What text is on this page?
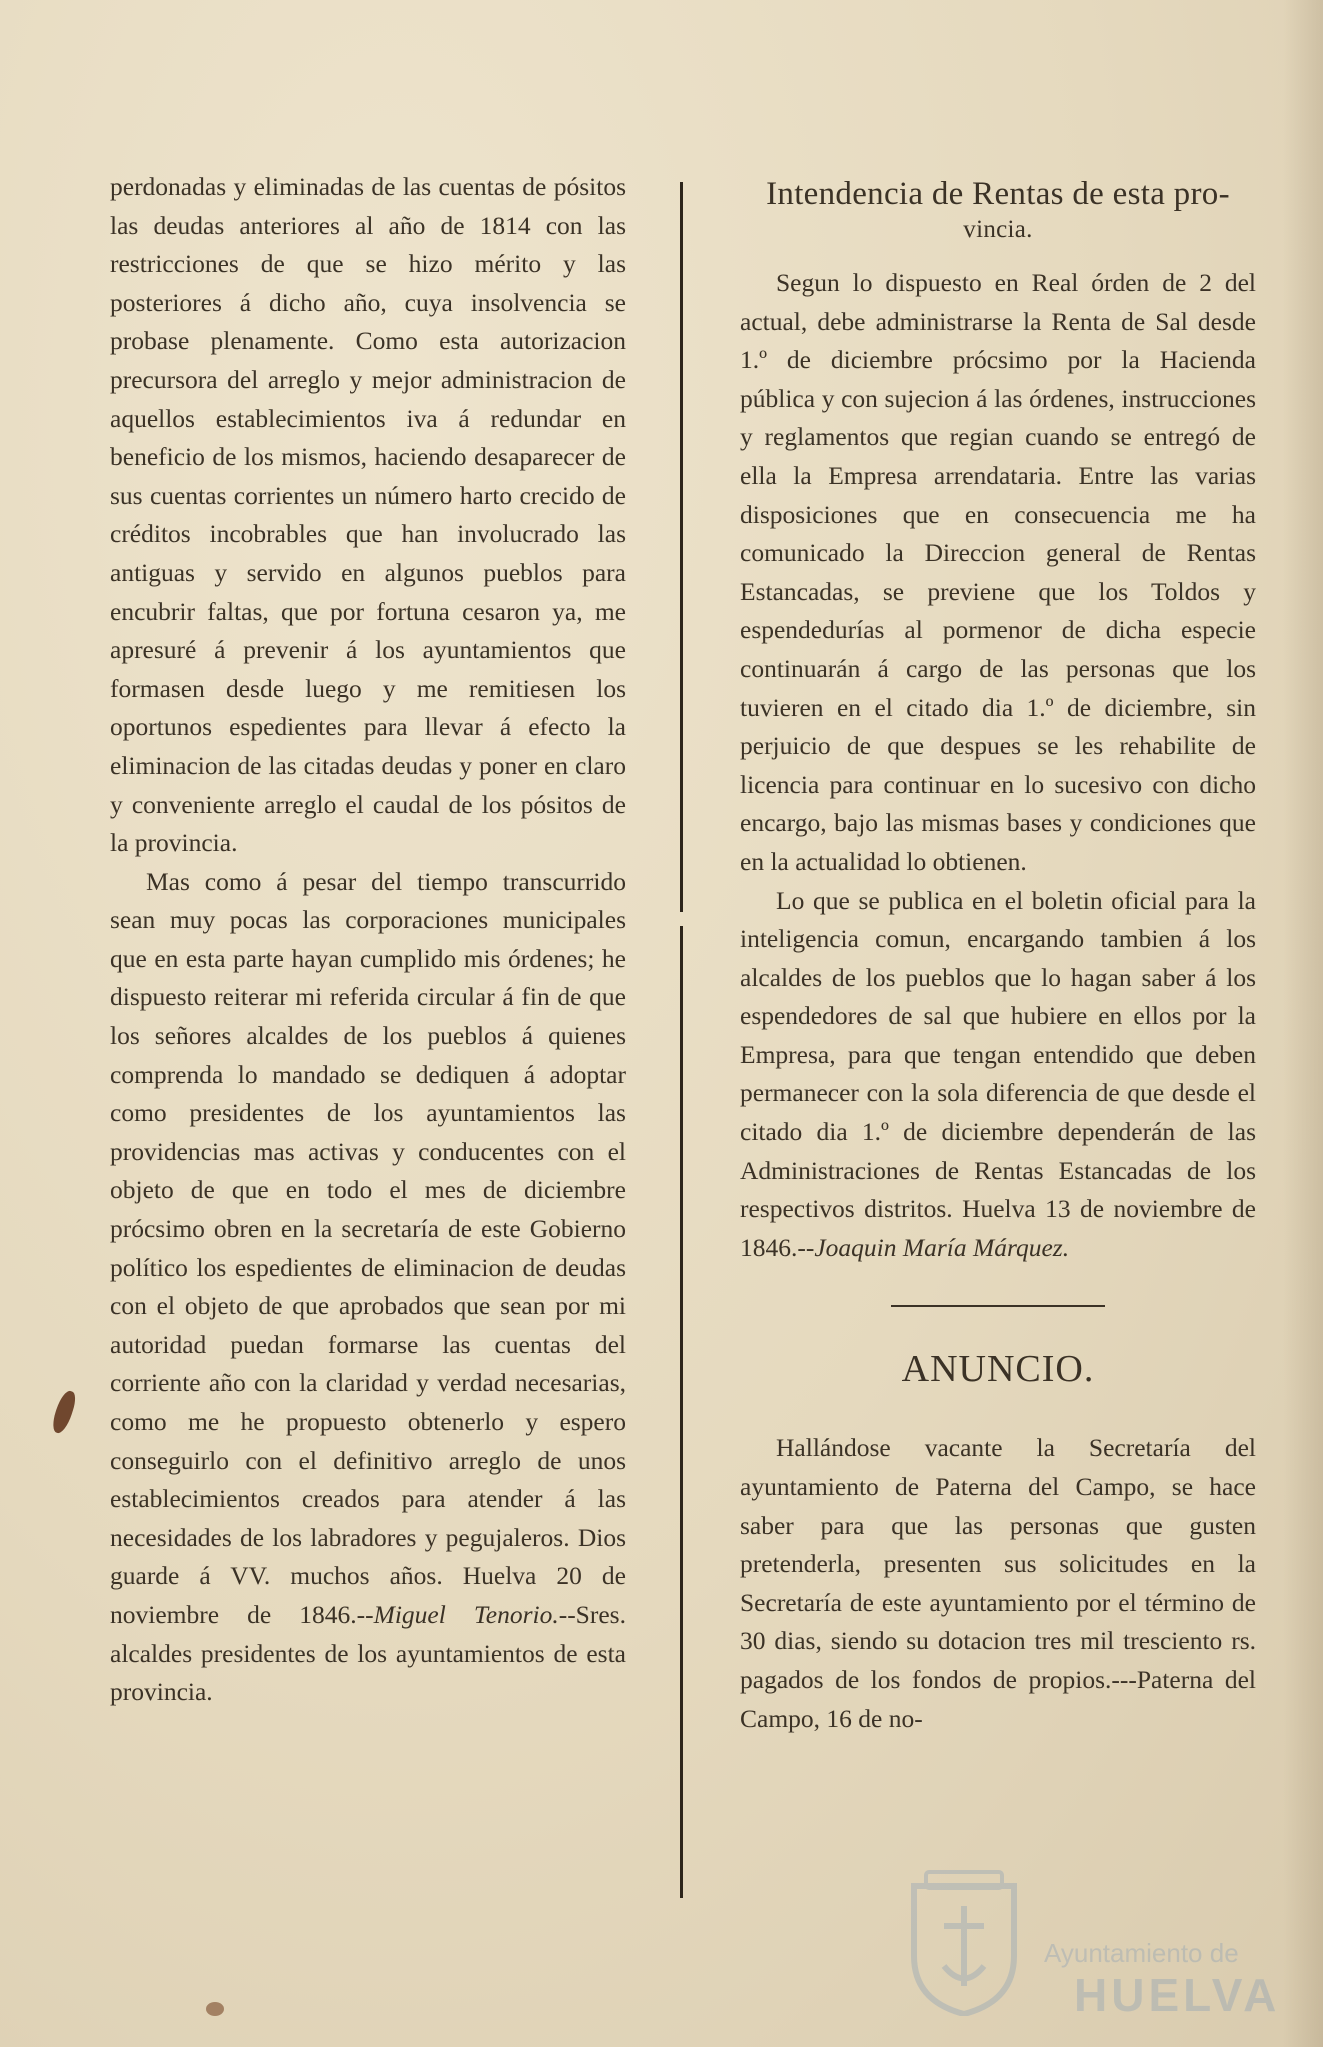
perdonadas y eliminadas de las cuentas de pósitos las deudas anteriores al año de 1814 con las restricciones de que se hizo mérito y las posteriores á dicho año, cuya insolvencia se probase plenamente. Como esta autorizacion precursora del arreglo y mejor administracion de aquellos establecimientos iva á redundar en beneficio de los mismos, haciendo desaparecer de sus cuentas corrientes un número harto crecido de créditos incobrables que han involucrado las antiguas y servido en algunos pueblos para encubrir faltas, que por fortuna cesaron ya, me apresuré á prevenir á los ayuntamientos que formasen desde luego y me remitiesen los oportunos espedientes para llevar á efecto la eliminacion de las citadas deudas y poner en claro y conveniente arreglo el caudal de los pósitos de la provincia.

Mas como á pesar del tiempo transcurrido sean muy pocas las corporaciones municipales que en esta parte hayan cumplido mis órdenes; he dispuesto reiterar mi referida circular á fin de que los señores alcaldes de los pueblos á quienes comprenda lo mandado se dediquen á adoptar como presidentes de los ayuntamientos las providencias mas activas y conducentes con el objeto de que en todo el mes de diciembre prócsimo obren en la secretaría de este Gobierno político los espedientes de eliminacion de deudas con el objeto de que aprobados que sean por mi autoridad puedan formarse las cuentas del corriente año con la claridad y verdad necesarias, como me he propuesto obtenerlo y espero conseguirlo con el definitivo arreglo de unos establecimientos creados para atender á las necesidades de los labradores y pegujaleros. Dios guarde á VV. muchos años. Huelva 20 de noviembre de 1846.--Miguel Tenorio.--Sres. alcaldes presidentes de los ayuntamientos de esta provincia.

Intendencia de Rentas de esta pro-
vincia.

Segun lo dispuesto en Real órden de 2 del actual, debe administrarse la Renta de Sal desde 1.º de diciembre prócsimo por la Hacienda pública y con sujecion á las órdenes, instrucciones y reglamentos que regian cuando se entregó de ella la Empresa arrendataria. Entre las varias disposiciones que en consecuencia me ha comunicado la Direccion general de Rentas Estancadas, se previene que los Toldos y espendedurías al pormenor de dicha especie continuarán á cargo de las personas que los tuvieren en el citado dia 1.º de diciembre, sin perjuicio de que despues se les rehabilite de licencia para continuar en lo sucesivo con dicho encargo, bajo las mismas bases y condiciones que en la actualidad lo obtienen.

Lo que se publica en el boletin oficial para la inteligencia comun, encargando tambien á los alcaldes de los pueblos que lo hagan saber á los espendedores de sal que hubiere en ellos por la Empresa, para que tengan entendido que deben permanecer con la sola diferencia de que desde el citado dia 1.º de diciembre dependerán de las Administraciones de Rentas Estancadas de los respectivos distritos. Huelva 13 de noviembre de 1846.--Joaquin María Márquez.

ANUNCIO.

Hallándose vacante la Secretaría del ayuntamiento de Paterna del Campo, se hace saber para que las personas que gusten pretenderla, presenten sus solicitudes en la Secretaría de este ayuntamiento por el término de 30 dias, siendo su dotacion tres mil tresciento rs. pagados de los fondos de propios.---Paterna del Campo, 16 de no-

Ayuntamiento de
HUELVA
